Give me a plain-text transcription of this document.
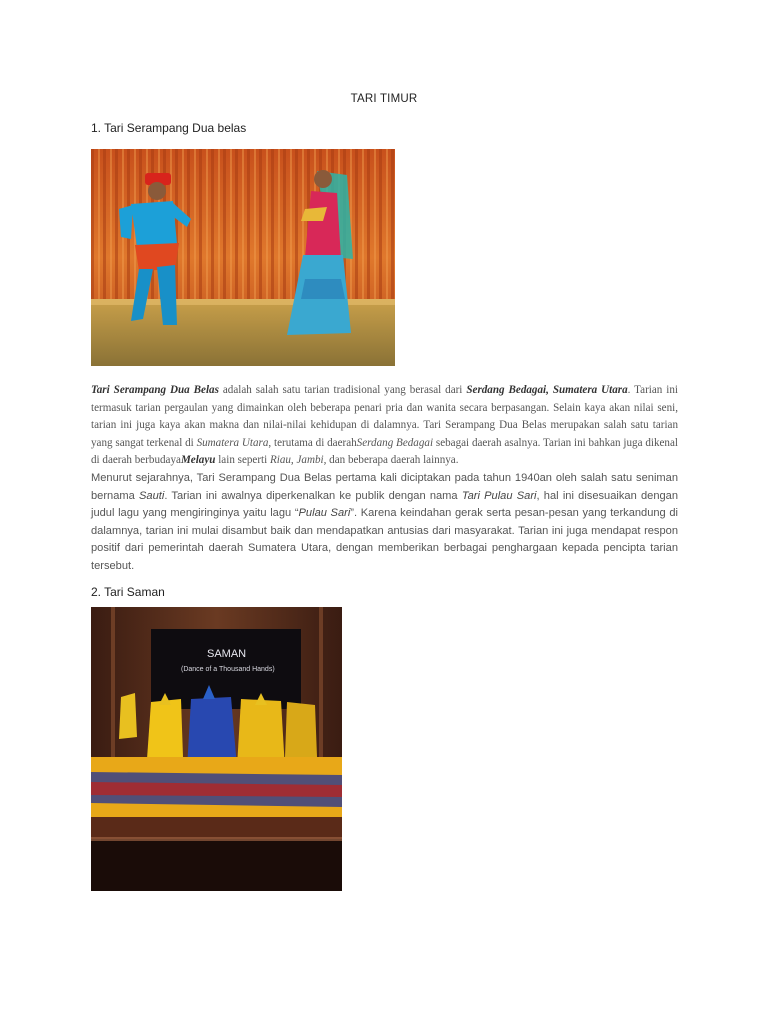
TARI TIMUR
1. Tari Serampang Dua belas
Tari Serampang Dua Belas adalah salah satu tarian tradisional yang berasal dari Serdang Bedagai, Sumatera Utara. Tarian ini termasuk tarian pergaulan yang dimainkan oleh beberapa penari pria dan wanita secara berpasangan. Selain kaya akan nilai seni, tarian ini juga kaya akan makna dan nilai-nilai kehidupan di dalamnya. Tari Serampang Dua Belas merupakan salah satu tarian yang sangat terkenal di Sumatera Utara, terutama di daerahSerdang Bedagai sebagai daerah asalnya. Tarian ini bahkan juga dikenal di daerah berbudayaMelayu lain seperti Riau, Jambi, dan beberapa daerah lainnya.
Menurut sejarahnya, Tari Serampang Dua Belas pertama kali diciptakan pada tahun 1940an oleh salah satu seniman bernama Sauti. Tarian ini awalnya diperkenalkan ke publik dengan nama Tari Pulau Sari, hal ini disesuaikan dengan judul lagu yang mengiringinya yaitu lagu “Pulau Sari”. Karena keindahan gerak serta pesan-pesan yang terkandung di dalamnya, tarian ini mulai disambut baik dan mendapatkan antusias dari masyarakat. Tarian ini juga mendapat respon positif dari pemerintah daerah Sumatera Utara, dengan memberikan berbagai penghargaan kepada pencipta tarian tersebut.
2. Tari Saman
SAMAN
(Dance of a Thousand Hands)
